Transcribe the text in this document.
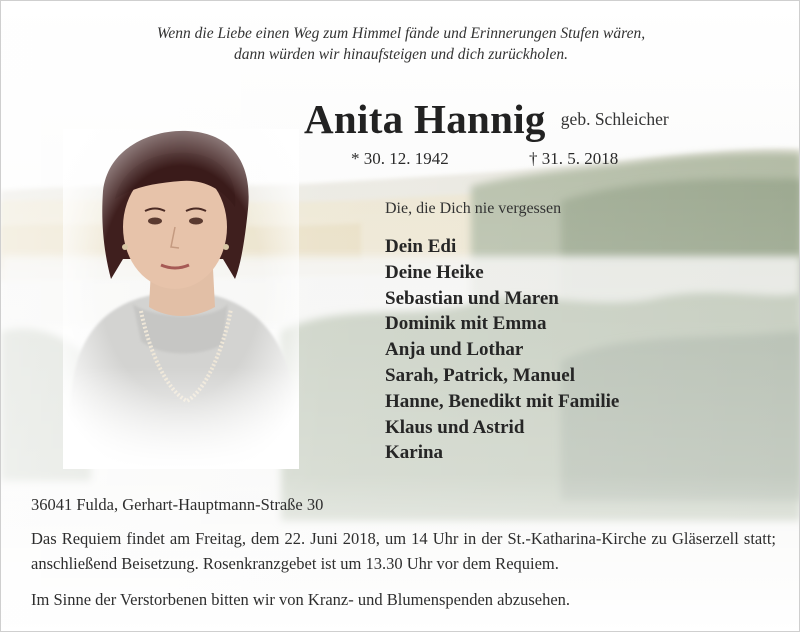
Wenn die Liebe einen Weg zum Himmel fände und Erinnerungen Stufen wären,
dann würden wir hinaufsteigen und dich zurückholen.
Anita Hannig geb. Schleicher
* 30. 12. 1942	† 31. 5. 2018
Die, die Dich nie vergessen
Dein Edi
Deine Heike
Sebastian und Maren
Dominik mit Emma
Anja und Lothar
Sarah, Patrick, Manuel
Hanne, Benedikt mit Familie
Klaus und Astrid
Karina
36041 Fulda, Gerhart-Hauptmann-Straße 30
Das Requiem findet am Freitag, dem 22. Juni 2018, um 14 Uhr in der St.-Katharina-Kirche zu Gläserzell statt; anschließend Beisetzung. Rosenkranzgebet ist um 13.30 Uhr vor dem Requiem.
Im Sinne der Verstorbenen bitten wir von Kranz- und Blumenspenden abzusehen.
